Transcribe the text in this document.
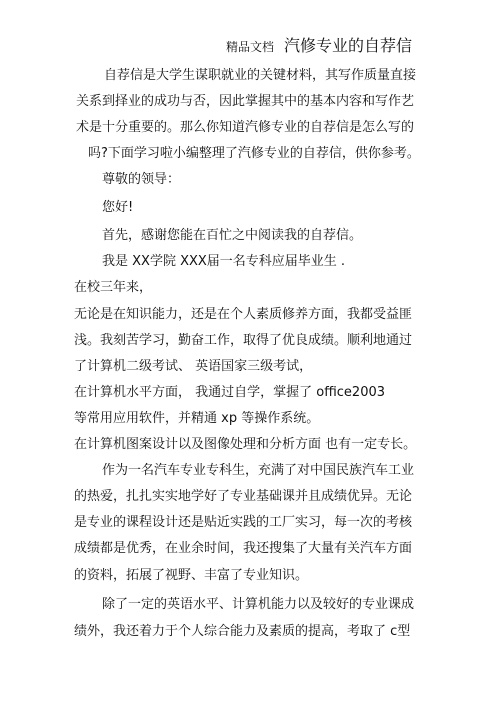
精品文档 汽修专业的自荐信
自荐信是大学生谋职就业的关键材料，其写作质量直接
关系到择业的成功与否，因此掌握其中的基本内容和写作艺
术是十分重要的。那么你知道汽修专业的自荐信是怎么写的
吗?下面学习啦小编整理了汽修专业的自荐信，供你参考。
尊敬的领导：
您好!
首先，感谢您能在百忙之中阅读我的自荐信。
我是 XX学院 XXX届一名专科应届毕业生 .
在校三年来，
无论是在知识能力，还是在个人素质修养方面，我都受益匪
浅。我刻苦学习，勤奋工作，取得了优良成绩。顺利地通过
了计算机二级考试、 英语国家三级考试，
在计算机水平方面， 我通过自学，掌握了 office2003
等常用应用软件，并精通 xp 等操作系统。
在计算机图案设计以及图像处理和分析方面 也有一定专长。
作为一名汽车专业专科生，充满了对中国民族汽车工业
的热爱，扎扎实实地学好了专业基础课并且成绩优异。无论
是专业的课程设计还是贴近实践的工厂实习，每一次的考核
成绩都是优秀，在业余时间，我还搜集了大量有关汽车方面
的资料，拓展了视野、丰富了专业知识。
除了一定的英语水平、计算机能力以及较好的专业课成
绩外，我还着力于个人综合能力及素质的提高，考取了 c型
